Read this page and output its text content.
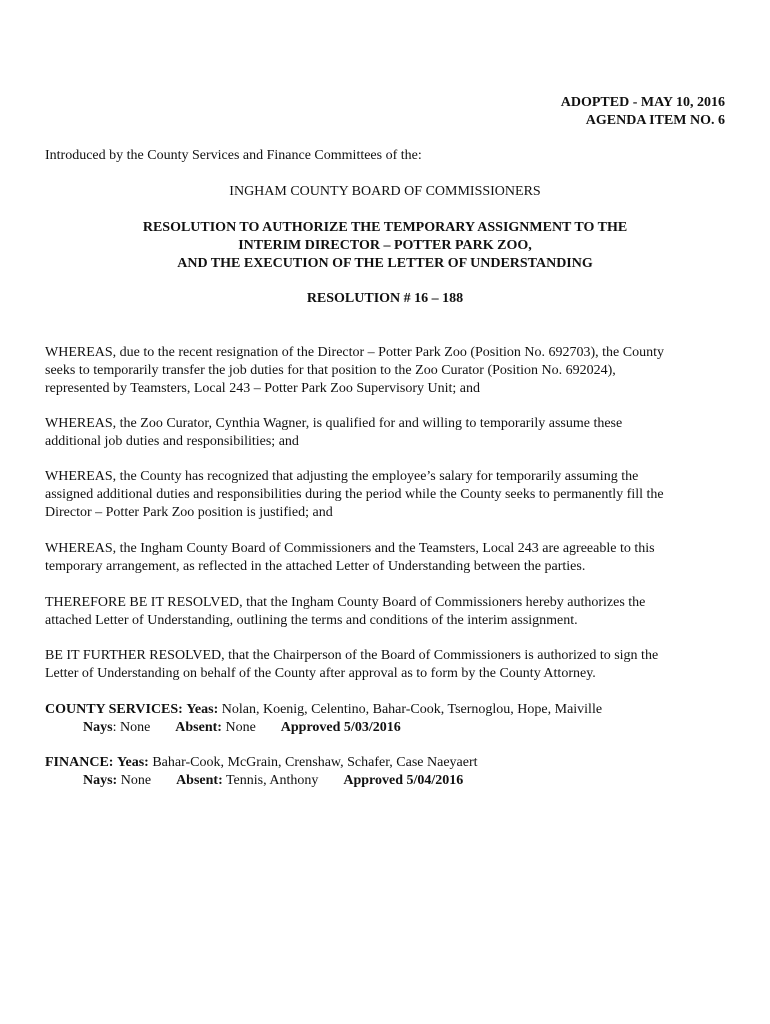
ADOPTED - MAY 10, 2016
AGENDA ITEM NO. 6
Introduced by the County Services and Finance Committees of the:
INGHAM COUNTY BOARD OF COMMISSIONERS
RESOLUTION TO AUTHORIZE THE TEMPORARY ASSIGNMENT TO THE
INTERIM DIRECTOR – POTTER PARK ZOO,
AND THE EXECUTION OF THE LETTER OF UNDERSTANDING
RESOLUTION # 16 – 188
WHEREAS, due to the recent resignation of the Director – Potter Park Zoo (Position No. 692703), the County
seeks to temporarily transfer the job duties for that position to the Zoo Curator (Position No. 692024),
represented by Teamsters, Local 243 – Potter Park Zoo Supervisory Unit; and
WHEREAS, the Zoo Curator, Cynthia Wagner, is qualified for and willing to temporarily assume these
additional job duties and responsibilities; and
WHEREAS, the County has recognized that adjusting the employee’s salary for temporarily assuming the
assigned additional duties and responsibilities during the period while the County seeks to permanently fill the
Director – Potter Park Zoo position is justified; and
WHEREAS, the Ingham County Board of Commissioners and the Teamsters, Local 243 are agreeable to this
temporary arrangement, as reflected in the attached Letter of Understanding between the parties.
THEREFORE BE IT RESOLVED, that the Ingham County Board of Commissioners hereby authorizes the
attached Letter of Understanding, outlining the terms and conditions of the interim assignment.
BE IT FURTHER RESOLVED, that the Chairperson of the Board of Commissioners is authorized to sign the
Letter of Understanding on behalf of the County after approval as to form by the County Attorney.
COUNTY SERVICES: Yeas: Nolan, Koenig, Celentino, Bahar-Cook, Tsernoglou, Hope, Maiville
Nays: None Absent: None Approved 5/03/2016
FINANCE: Yeas: Bahar-Cook, McGrain, Crenshaw, Schafer, Case Naeyaert
Nays: None Absent: Tennis, Anthony Approved 5/04/2016
